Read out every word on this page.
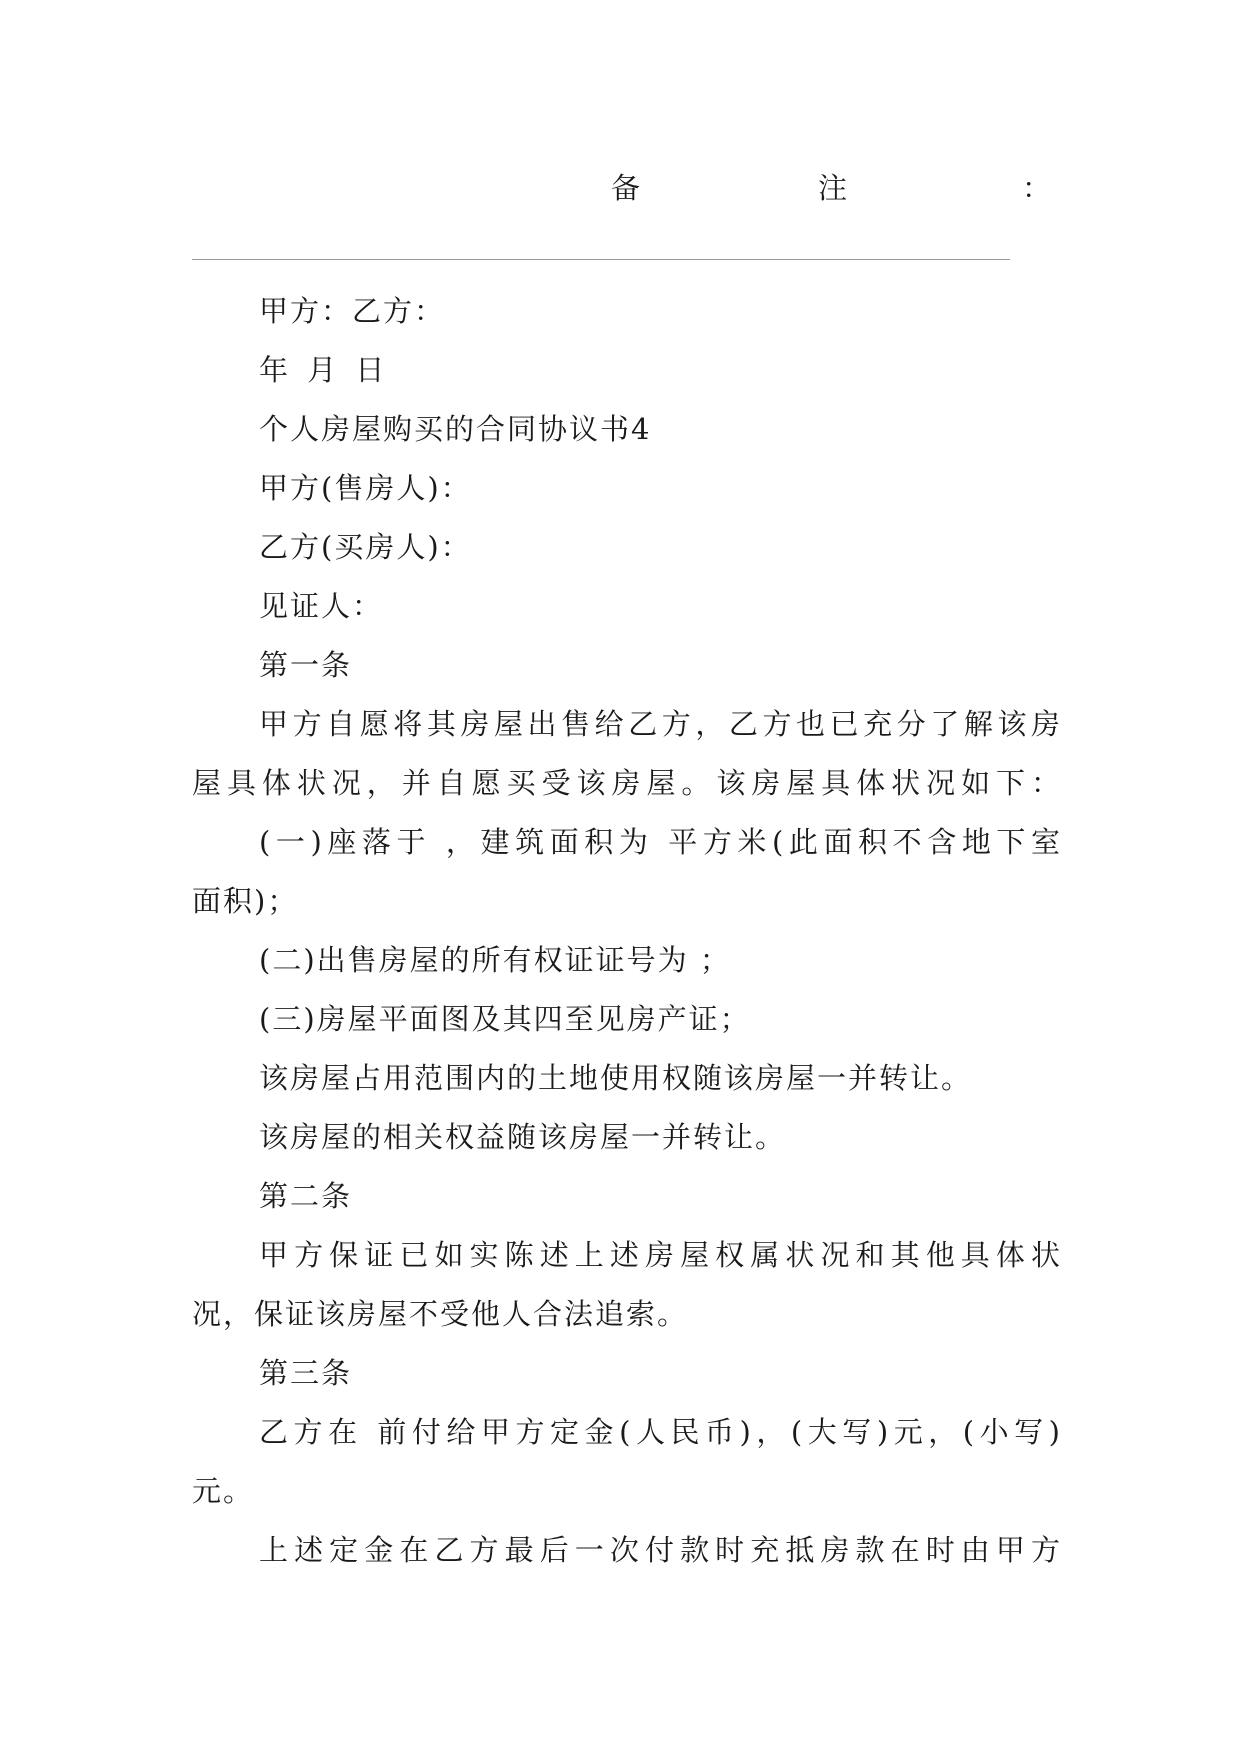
备	注	：
甲方：乙方：
年 月 日
个人房屋购买的合同协议书4
甲方(售房人)：
乙方(买房人)：
见证人：
第一条
甲方自愿将其房屋出售给乙方，乙方也已充分了解该房
屋具体状况，并自愿买受该房屋。该房屋具体状况如下：
(一)座落于 ，建筑面积为 平方米(此面积不含地下室
面积)；
(二)出售房屋的所有权证证号为 ；
(三)房屋平面图及其四至见房产证；
该房屋占用范围内的土地使用权随该房屋一并转让。
该房屋的相关权益随该房屋一并转让。
第二条
甲方保证已如实陈述上述房屋权属状况和其他具体状
况，保证该房屋不受他人合法追索。
第三条
乙方在 前付给甲方定金(人民币)，(大写)元，(小写)
元。
上述定金在乙方最后一次付款时充抵房款在时由甲方
